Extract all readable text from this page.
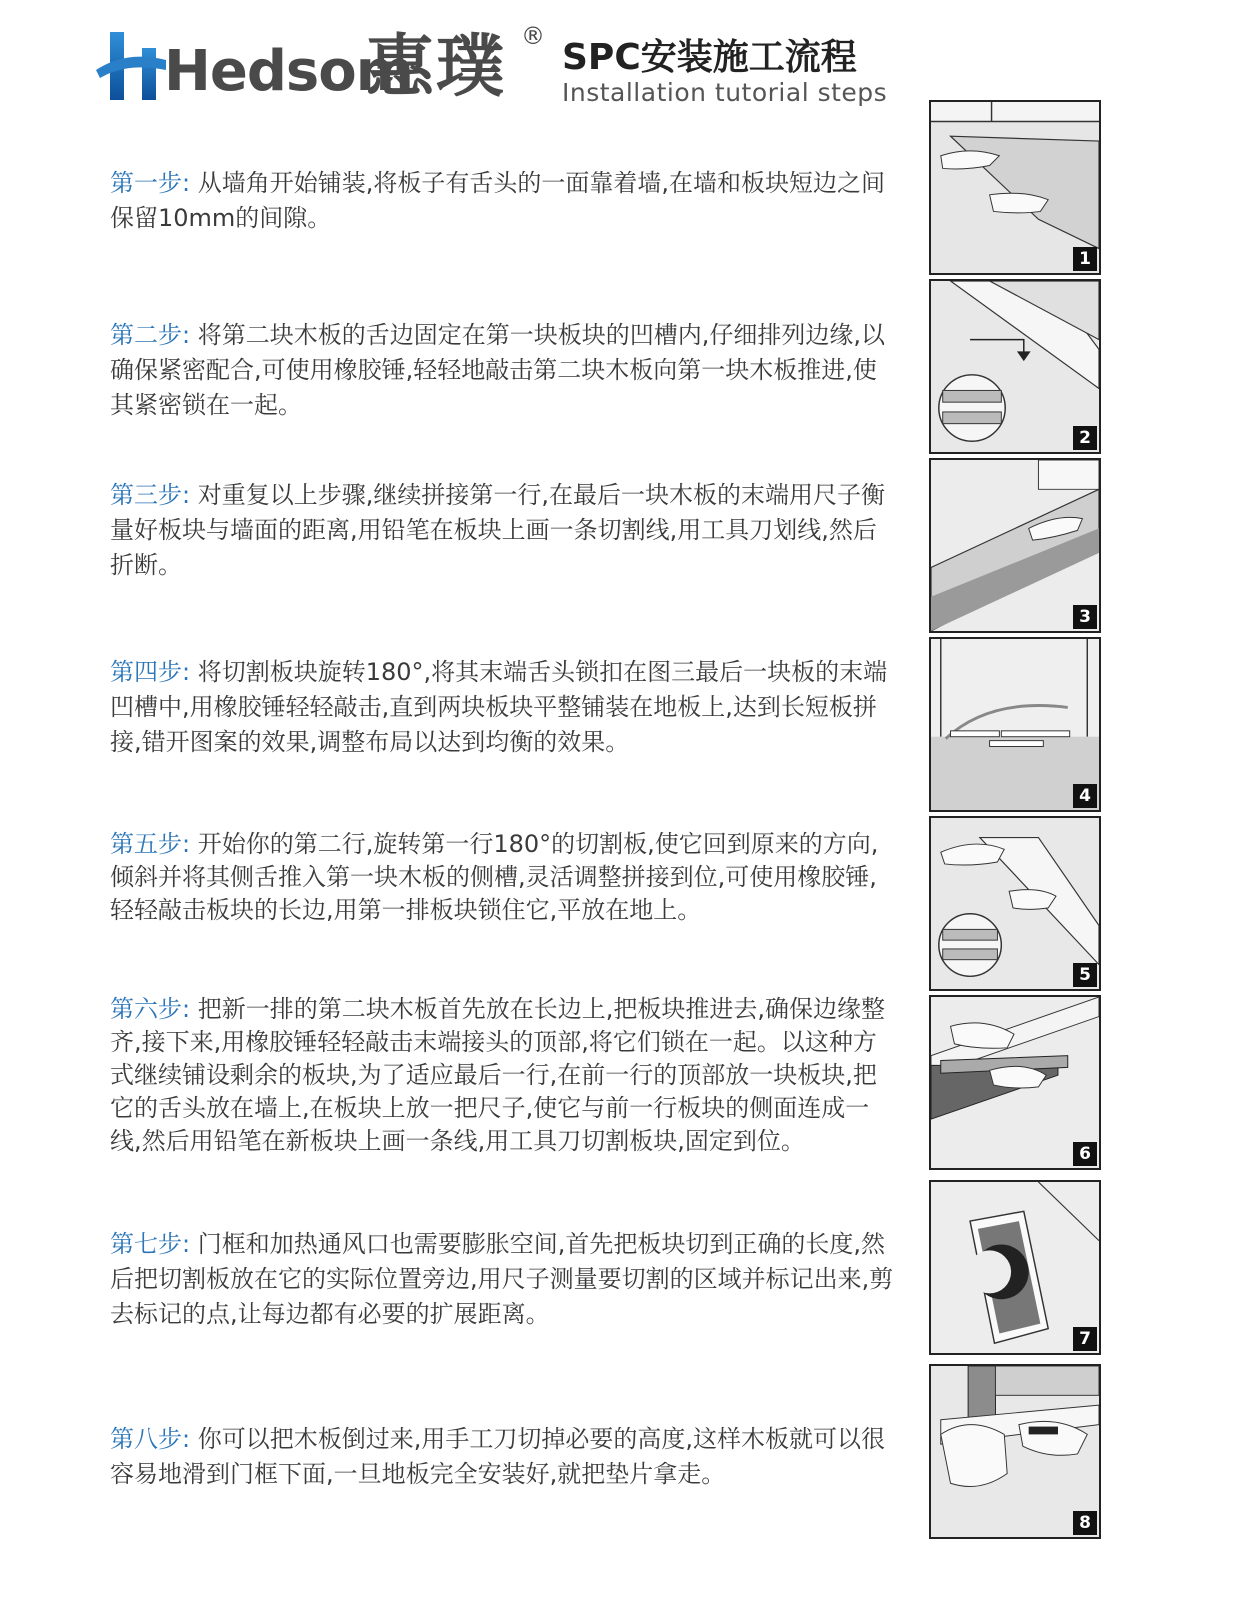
Hedsom
惠璞 ®
SPC安装施工流程
Installation tutorial steps
第一步: 从墙角开始铺装,将板子有舌头的一面靠着墙,在墙和板块短边之间保留10mm的间隙。
第二步: 将第二块木板的舌边固定在第一块板块的凹槽内,仔细排列边缘,以确保紧密配合,可使用橡胶锤,轻轻地敲击第二块木板向第一块木板推进,使其紧密锁在一起。
第三步: 对重复以上步骤,继续拼接第一行,在最后一块木板的末端用尺子衡量好板块与墙面的距离,用铅笔在板块上画一条切割线,用工具刀划线,然后折断。
第四步: 将切割板块旋转180°,将其末端舌头锁扣在图三最后一块板的末端凹槽中,用橡胶锤轻轻敲击,直到两块板块平整铺装在地板上,达到长短板拼接,错开图案的效果,调整布局以达到均衡的效果。
第五步: 开始你的第二行,旋转第一行180°的切割板,使它回到原来的方向, 倾斜并将其侧舌推入第一块木板的侧槽,灵活调整拼接到位,可使用橡胶锤,轻轻敲击板块的长边,用第一排板块锁住它,平放在地上。
第六步: 把新一排的第二块木板首先放在长边上,把板块推进去,确保边缘整齐,接下来,用橡胶锤轻轻敲击末端接头的顶部,将它们锁在一起。以这种方式继续铺设剩余的板块,为了适应最后一行,在前一行的顶部放一块板块,把它的舌头放在墙上,在板块上放一把尺子,使它与前一行板块的侧面连成一线,然后用铅笔在新板块上画一条线,用工具刀切割板块,固定到位。
第七步: 门框和加热通风口也需要膨胀空间,首先把板块切到正确的长度,然后把切割板放在它的实际位置旁边,用尺子测量要切割的区域并标记出来,剪去标记的点,让每边都有必要的扩展距离。
第八步: 你可以把木板倒过来,用手工刀切掉必要的高度,这样木板就可以很容易地滑到门框下面,一旦地板完全安装好,就把垫片拿走。
1
2
3
4
5
6
7
8
